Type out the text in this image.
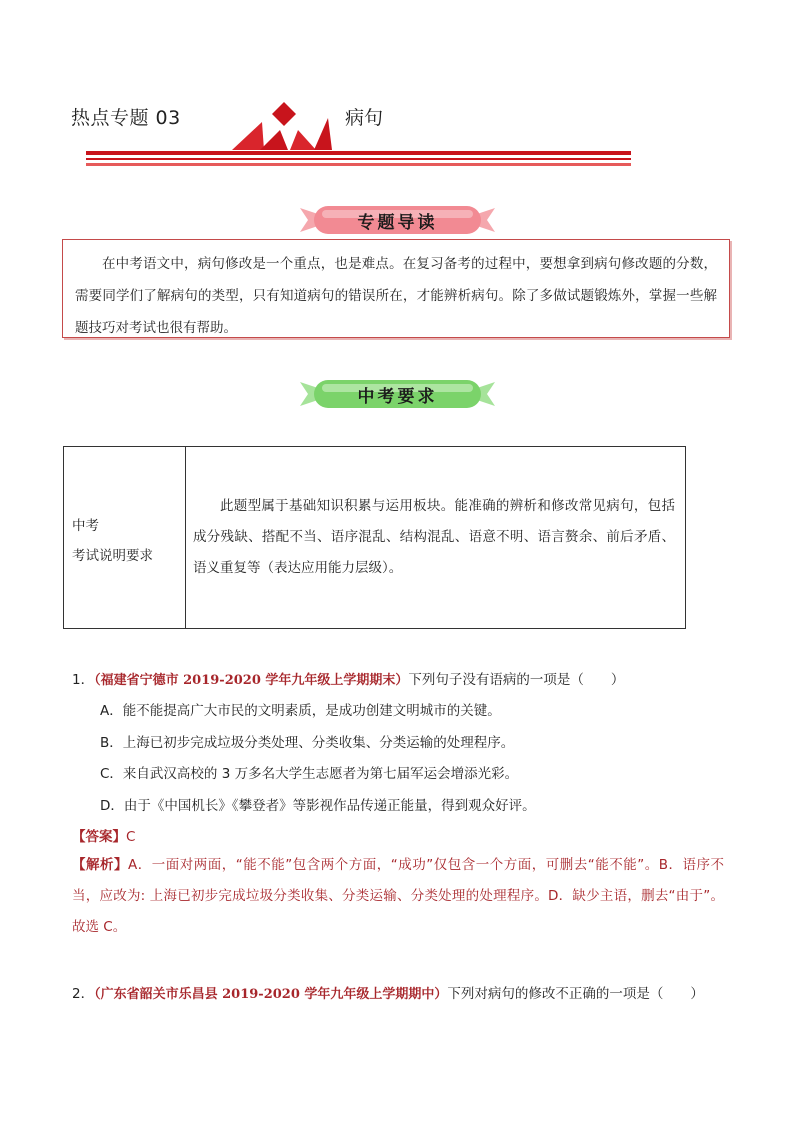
热点专题 03	病句
专题导读

在中考语文中，病句修改是一个重点，也是难点。在复习备考的过程中，要想拿到病句修改题的分数，需要同学们了解病句的类型，只有知道病句的错误所在，才能辨析病句。除了多做试题锻炼外，掌握一些解题技巧对考试也很有帮助。

中考要求
中考
考试说明要求

此题型属于基础知识积累与运用板块。能准确的辨析和修改常见病句，包括成分残缺、搭配不当、语序混乱、结构混乱、语意不明、语言赘余、前后矛盾、语义重复等（表达应用能力层级）。

1．（福建省宁德市 2019-2020 学年九年级上学期期末）下列句子没有语病的一项是（　　）
A．能不能提高广大市民的文明素质，是成功创建文明城市的关键。
B．上海已初步完成垃圾分类处理、分类收集、分类运输的处理程序。
C．来自武汉高校的 3 万多名大学生志愿者为第七届军运会增添光彩。
D．由于《中国机长》《攀登者》等影视作品传递正能量，得到观众好评。
【答案】C
【解析】A．一面对两面，“能不能”包含两个方面，“成功”仅包含一个方面，可删去“能不能”。B．语序不当，应改为: 上海已初步完成垃圾分类收集、分类运输、分类处理的处理程序。D．缺少主语，删去“由于”。故选 C。
2．（广东省韶关市乐昌县 2019-2020 学年九年级上学期期中）下列对病句的修改不正确的一项是（　　）
